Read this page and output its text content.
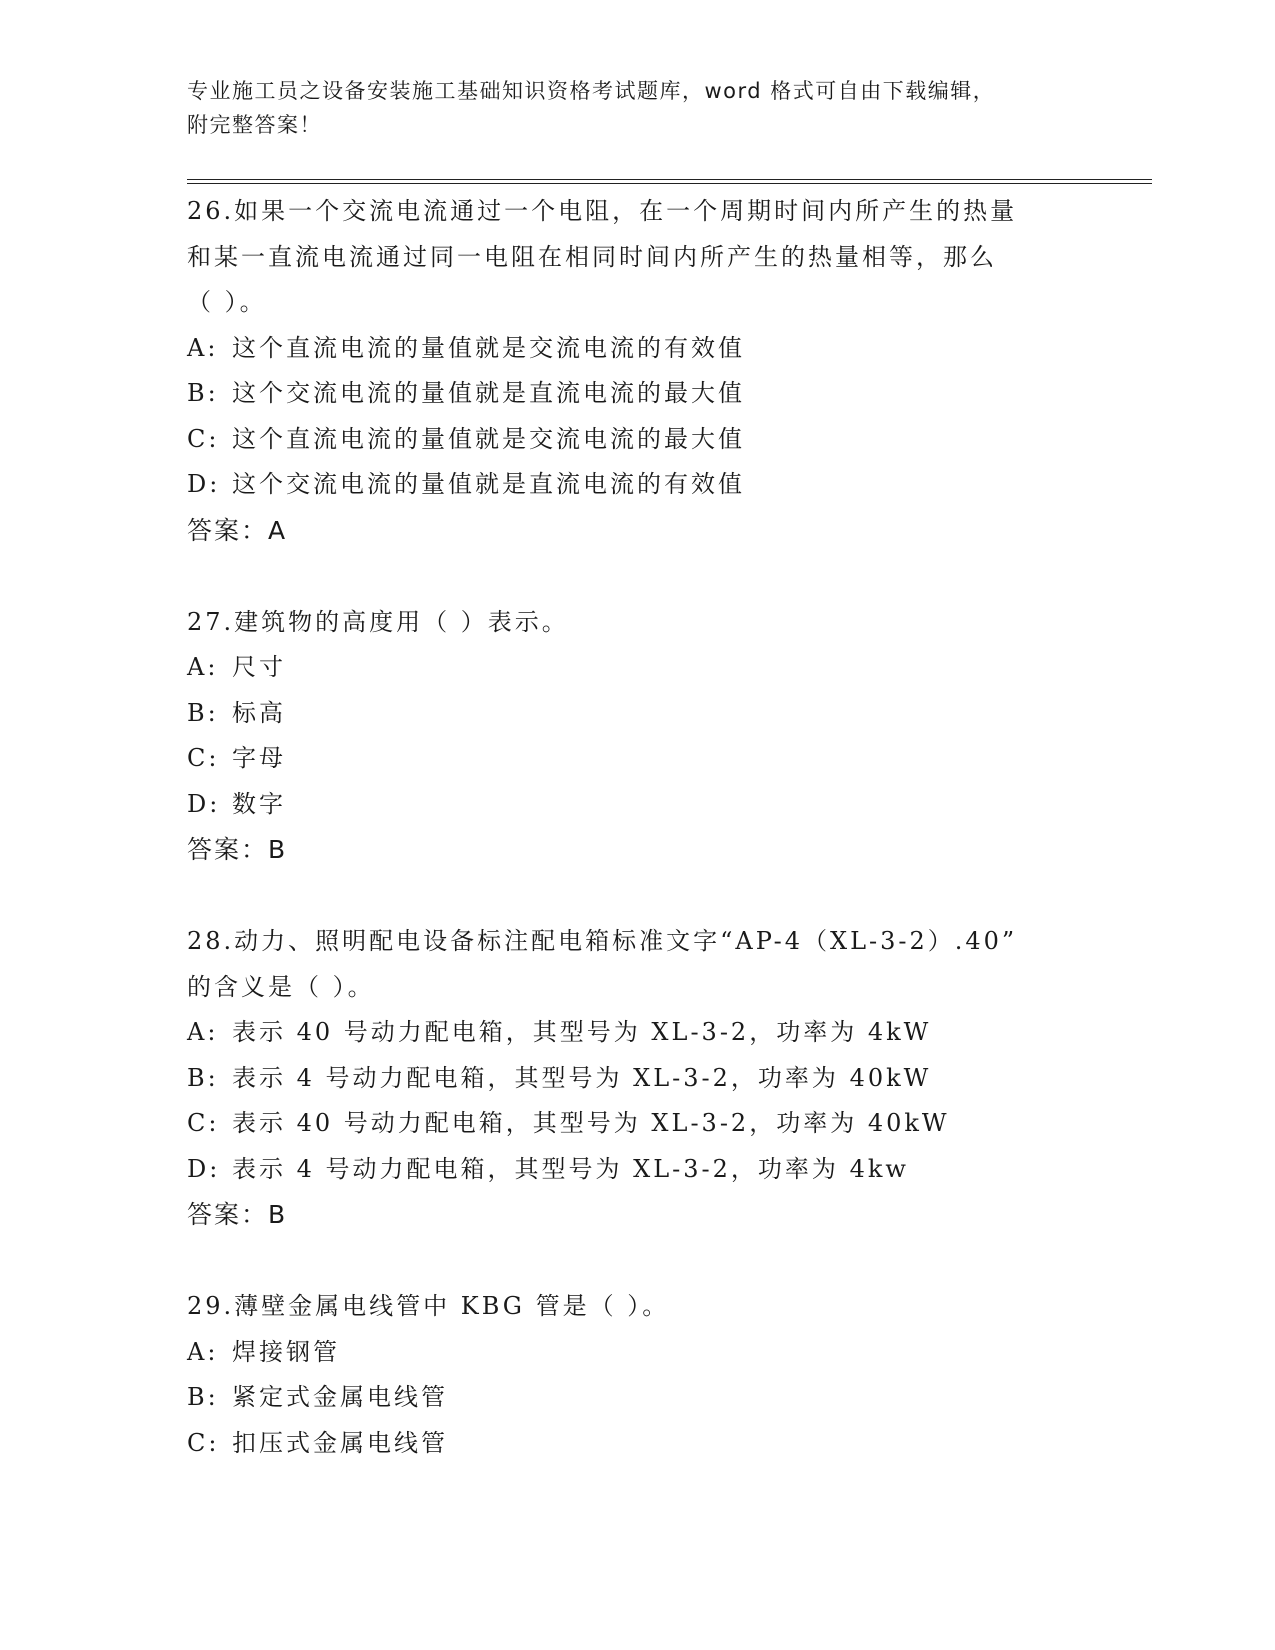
专业施工员之设备安装施工基础知识资格考试题库，word 格式可自由下载编辑，
附完整答案！
26.如果一个交流电流通过一个电阻，在一个周期时间内所产生的热量
和某一直流电流通过同一电阻在相同时间内所产生的热量相等，那么
（ ）。
A: 这个直流电流的量值就是交流电流的有效值
B: 这个交流电流的量值就是直流电流的最大值
C: 这个直流电流的量值就是交流电流的最大值
D: 这个交流电流的量值就是直流电流的有效值
答案：A
27.建筑物的高度用（ ）表示。
A: 尺寸
B: 标高
C: 字母
D: 数字
答案：B
28.动力、照明配电设备标注配电箱标准文字“AP-4（XL-3-2）.40”
的含义是（ ）。
A: 表示 40 号动力配电箱，其型号为 XL-3-2，功率为 4kW
B: 表示 4 号动力配电箱，其型号为 XL-3-2，功率为 40kW
C: 表示 40 号动力配电箱，其型号为 XL-3-2，功率为 40kW
D: 表示 4 号动力配电箱，其型号为 XL-3-2，功率为 4kw
答案：B
29.薄壁金属电线管中 KBG 管是（ ）。
A: 焊接钢管
B: 紧定式金属电线管
C: 扣压式金属电线管
